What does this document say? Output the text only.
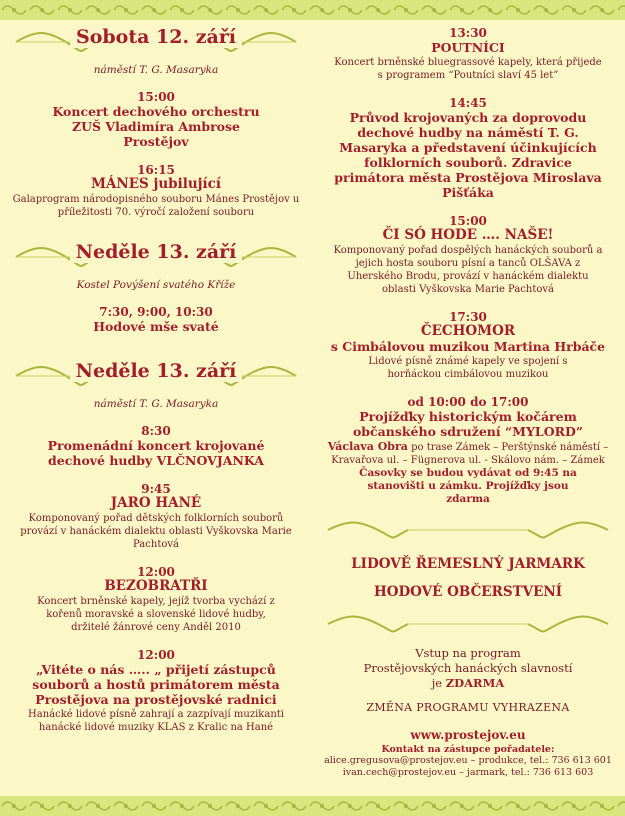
Sobota 12. září
náměstí T. G. Masaryka
15:00
Koncert dechového orchestru ZUŠ Vladimíra Ambrose Prostějov
16:15
MÁNES jubilující
Galaprogram národopisného souboru Mánes Prostějov u příležitosti 70. výročí založení souboru
Neděle 13. září
Kostel Povýšení svatého Kříže
7:30, 9:00, 10:30
Hodové mše svaté
Neděle 13. září
náměstí T. G. Masaryka
8:30
Promenádní koncert krojované dechové hudby VLČNOVJANKA
9:45
JARO HANÉ
Komponovaný pořad dětských folklorních souborů provází v hanáckém dialektu oblasti Vyškovska Marie Pachtová
12:00
BEZOBRATŘI
Koncert brněnské kapely, jejíž tvorba vychází z kořenů moravské a slovenské lidové hudby, držitelé žánrové ceny Anděl 2010
12:00
„Vitéte o nás ….. „ přijetí zástupců souborů a hostů primátorem města Prostějova na prostějovské radnici
Hanácké lidové písně zahrají a zazpívají muzikanti hanácké lidové muziky KLAS z Kralic na Hané
13:30
POUTNÍCI
Koncert brněnské bluegrassové kapely, která přijede s programem “Poutníci slaví 45 let”
14:45
Průvod krojovaných za doprovodu dechové hudby na náměstí T. G. Masaryka a představení účinkujících folklorních souborů. Zdravice primátora města Prostějova Miroslava Pišťáka
15:00
ČI SÓ HODE …. NAŠE!
Komponovaný pořad dospělých hanáckých souborů a jejich hosta souboru písní a tanců OLŠAVA z Uherského Brodu, provází v hanáckém dialektu oblasti Vyškovska Marie Pachtová
17:30
ČECHOMOR
s Cimbálovou muzikou Martina Hrbáče
Lidové písně známé kapely ve spojení s horňáckou cimbálovou muzikou
od 10:00 do 17:00
Projížďky historickým kočárem občanského sdružení “MYLORD”
Václava Obra po trase Zámek – Perštýnské náměstí – Kravařova ul. – Fügnerova ul. - Skálovo nám. – Zámek
Časovky se budou vydávat od 9:45 na stanovišti u zámku. Projížďky jsou zdarma
LIDOVĚ ŘEMESLNÝ JARMARK
HODOVÉ OBČERSTVENÍ
Vstup na program
Prostějovských hanáckých slavností
je ZDARMA
ZMĚNA PROGRAMU VYHRAZENA
www.prostejov.eu
Kontakt na zástupce pořadatele:
alice.gregusova@prostejov.eu – produkce, tel.: 736 613 601
ivan.cech@prostejov.eu – jarmark, tel.: 736 613 603
